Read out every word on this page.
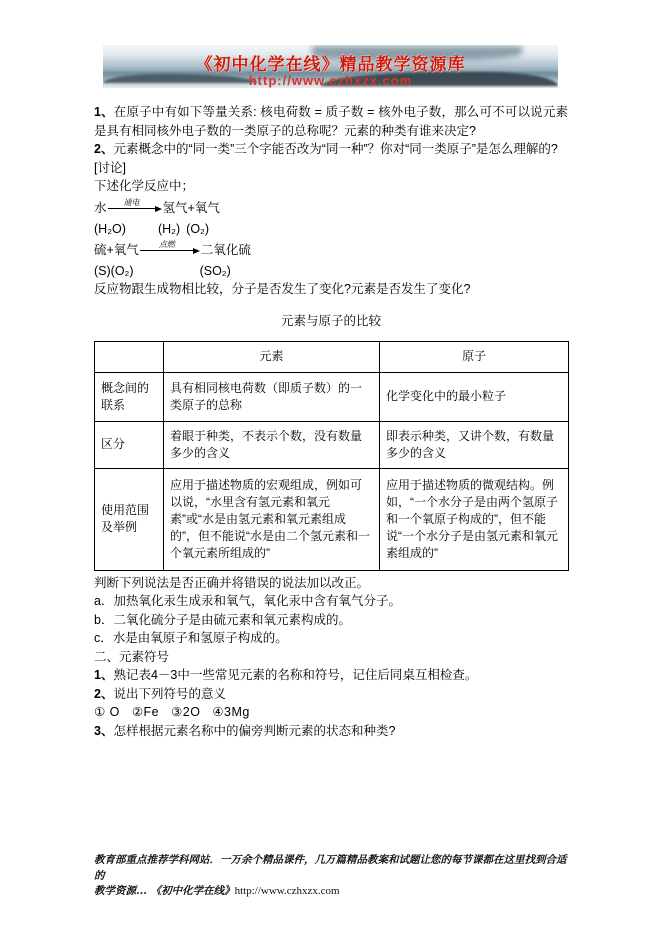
《初中化学在线》精品教学资源库
http://www.czhxzx.com

1、在原子中有如下等量关系: 核电荷数 = 质子数 = 核外电子数，那么可不可以说元素是具有相同核外电子数的一类原子的总称呢？元素的种类有谁来决定?

2、元素概念中的“同一类”三个字能否改为“同一种”？你对“同一类原子”是怎么理解的?

[讨论]

下述化学反应中；

水	通电	氢气+氧气
(H₂O)	(H₂) (O₂)
硫+氧气	点燃	二氧化硫
(S)(O₂)	(SO₂)

反应物跟生成物相比较，分子是否发生了变化?元素是否发生了变化?

元素与原子的比较
	元素	原子
概念间的
联系	具有相同核电荷数（即质子数）的一类原子的总称	化学变化中的最小粒子
区分	着眼于种类，不表示个数，没有数量多少的含义	即表示种类，又讲个数，有数量多少的含义
使用范围
及举例	应用于描述物质的宏观组成，例如可以说，“水里含有氢元素和氧元素”或“水是由氢元素和氧元素组成的”，但不能说“水是由二个氢元素和一个氧元素所组成的”	应用于描述物质的微观结构。例如，“一个水分子是由两个氢原子和一个氧原子构成的”，但不能说“一个水分子是由氢元素和氧元素组成的”

判断下列说法是否正确并将错误的说法加以改正。

a．加热氧化汞生成汞和氧气，氧化汞中含有氧气分子。

b．二氧化硫分子是由硫元素和氧元素构成的。

c．水是由氧原子和氢原子构成的。

二、元素符号

1、熟记表4－3中一些常见元素的名称和符号，记住后同桌互相检查。

2、说出下列符号的意义

① O   ②Fe   ③2O   ④3Mg

3、怎样根据元素名称中的偏旁判断元素的状态和种类?

教育部重点推荐学科网站．一万余个精品课件，几万篇精品教案和试题让您的每节课都在这里找到合适的
教学资源... 《初中化学在线》http://www.czhxzx.com
